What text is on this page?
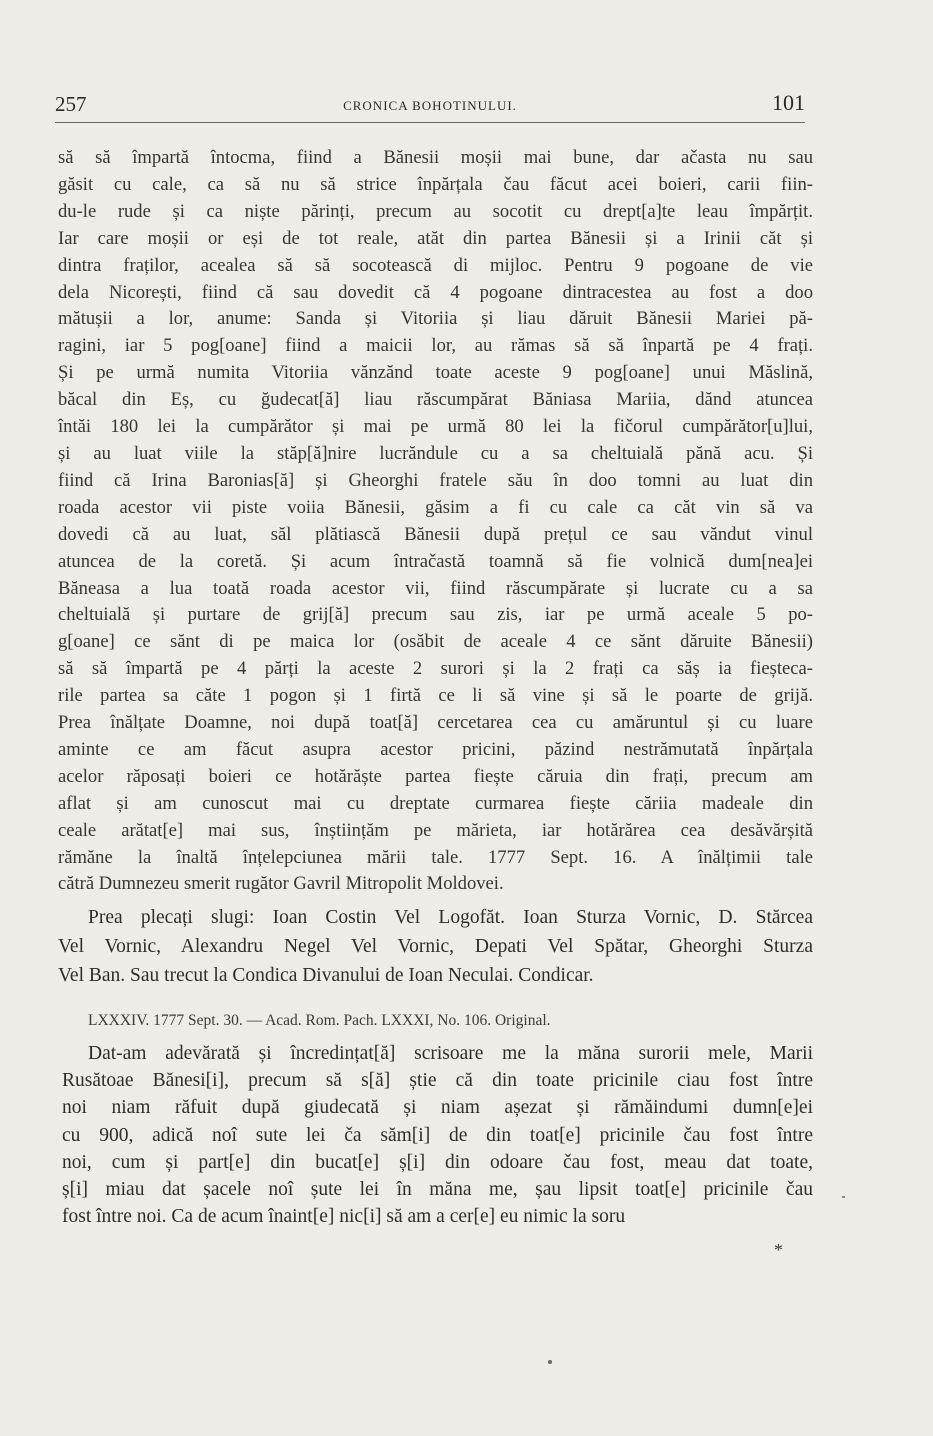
257	CRONICA BOHOTINULUI.	101
să să împartă întocma, fiind a Bănesii moșii mai bune, dar ačasta nu sau
găsit cu cale, ca să nu să strice înpărțala čau făcut acei boieri, carii fiin-
du-le rude și ca niște părinți, precum au socotit cu drept[a]te leau împărțit.
Iar care moșii or eși de tot reale, atăt din partea Bănesii și a Irinii căt și
dintra fraților, acealea să să socotească di mijloc. Pentru 9 pogoane de vie
dela Nicorești, fiind că sau dovedit că 4 pogoane dintracestea au fost a doo
mătușii a lor, anume: Sanda și Vitoriia și liau dăruit Bănesii Mariei pă-
ragini, iar 5 pog[oane] fiind a maicii lor, au rămas să să înpartă pe 4 frați.
Și pe urmă numita Vitoriia vănzănd toate aceste 9 pog[oane] unui Măslină,
băcal din Eș, cu ğudecat[ă] liau răscumpărat Băniasa Mariia, dănd atuncea
întăi 180 lei la cumpărător și mai pe urmă 80 lei la fičorul cumpărător[u]lui,
și au luat viile la stăp[ă]nire lucrăndule cu a sa cheltuială pănă acu. Și
fiind că Irina Baronias[ă] și Gheorghi fratele său în doo tomni au luat din
roada acestor vii piste voiia Bănesii, găsim a fi cu cale ca căt vin să va
dovedi că au luat, săl plătiască Bănesii după prețul ce sau văndut vinul
atuncea de la coretă. Și acum întračastă toamnă să fie volnică dum[nea]ei
Băneasa a lua toată roada acestor vii, fiind răscumpărate și lucrate cu a sa
cheltuială și purtare de grij[ă] precum sau zis, iar pe urmă aceale 5 po-
g[oane] ce sănt di pe maica lor (osăbit de aceale 4 ce sănt dăruite Bănesii)
să să împartă pe 4 părți la aceste 2 surori și la 2 frați ca săș ia fieșteca-
rile partea sa căte 1 pogon și 1 firtă ce li să vine și să le poarte de grijă.
Prea înălțate Doamne, noi după toat[ă] cercetarea cea cu amăruntul și cu luare
aminte ce am făcut asupra acestor pricini, păzind nestrămutată înpărțala
acelor răposați boieri ce hotărăște partea fiește căruia din frați, precum am
aflat și am cunoscut mai cu dreptate curmarea fiește căriia madeale din
ceale arătat[e] mai sus, înștiințăm pe mărieta, iar hotărărea cea desăvărșită
rămăne la înaltă înțelepciunea mării tale. 1777 Sept. 16. A înălțimii tale
cătră Dumnezeu smerit rugător Gavril Mitropolit Moldovei.
Prea plecați slugi: Ioan Costin Vel Logofăt. Ioan Sturza Vornic, D. Stărcea
Vel Vornic, Alexandru Negel Vel Vornic, Depati Vel Spătar, Gheorghi Sturza
Vel Ban. Sau trecut la Condica Divanului de Ioan Neculai. Condicar.
LXXXIV. 1777 Sept. 30. — Acad. Rom. Pach. LXXXI, No. 106. Original.
Dat-am adevărată și încredințat[ă] scrisoare me la măna surorii mele, Marii
Rusătoae Bănesi[i], precum să s[ă] știe că din toate pricinile ciau fost între
noi niam răfuit după giudecată și niam așezat și rămăindumi dumn[e]ei
cu 900, adică noî sute lei ča săm[i] de din toat[e] pricinile čau fost între
noi, cum și part[e] din bucat[e] ș[i] din odoare čau fost, meau dat toate,
ș[i] miau dat șacele noî șute lei în măna me, șau lipsit toat[e] pricinile čau
fost între noi. Ca de acum înaint[e] nic[i] să am a cer[e] eu nimic la soru
*
